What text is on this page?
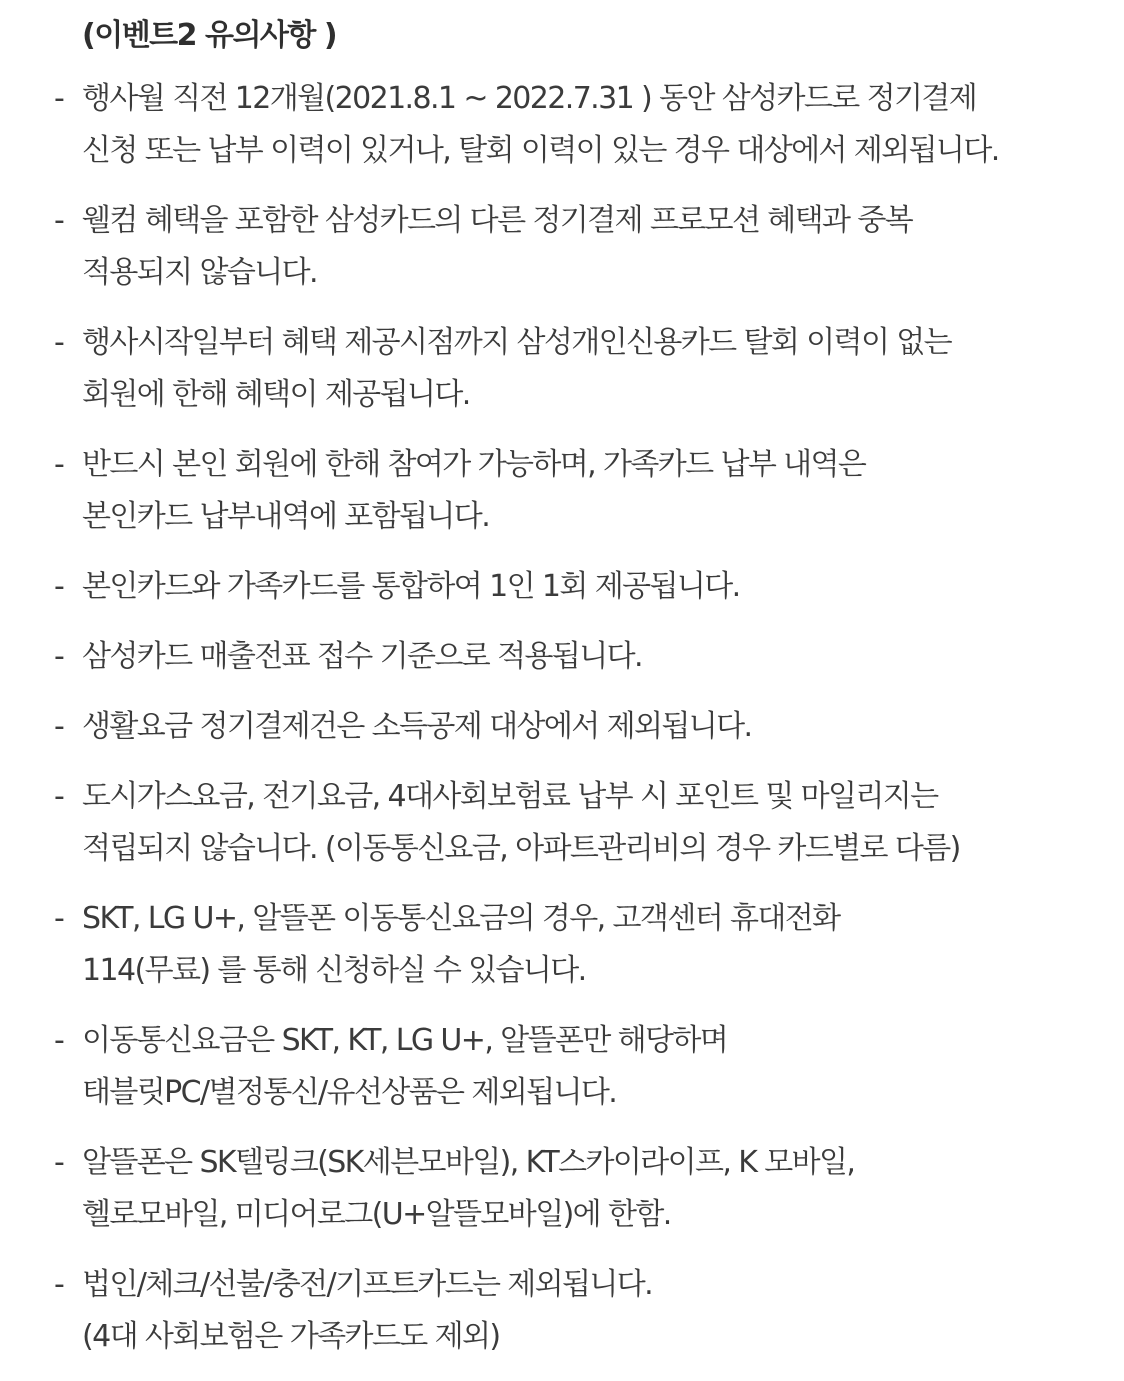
(이벤트2 유의사항 )
- 행사월 직전 12개월(2021.8.1 ~ 2022.7.31 ) 동안 삼성카드로 정기결제
신청 또는 납부 이력이 있거나, 탈회 이력이 있는 경우 대상에서 제외됩니다.
- 웰컴 혜택을 포함한 삼성카드의 다른 정기결제 프로모션 혜택과 중복
적용되지 않습니다.
- 행사시작일부터 혜택 제공시점까지 삼성개인신용카드 탈회 이력이 없는
회원에 한해 혜택이 제공됩니다.
- 반드시 본인 회원에 한해 참여가 가능하며, 가족카드 납부 내역은
본인카드 납부내역에 포함됩니다.
- 본인카드와 가족카드를 통합하여 1인 1회 제공됩니다.
- 삼성카드 매출전표 접수 기준으로 적용됩니다.
- 생활요금 정기결제건은 소득공제 대상에서 제외됩니다.
- 도시가스요금, 전기요금, 4대사회보험료 납부 시 포인트 및 마일리지는
적립되지 않습니다. (이동통신요금, 아파트관리비의 경우 카드별로 다름)
- SKT, LG U+, 알뜰폰 이동통신요금의 경우, 고객센터 휴대전화
114(무료) 를 통해 신청하실 수 있습니다.
- 이동통신요금은 SKT, KT, LG U+, 알뜰폰만 해당하며
태블릿PC/별정통신/유선상품은 제외됩니다.
- 알뜰폰은 SK텔링크(SK세븐모바일), KT스카이라이프, K 모바일,
헬로모바일, 미디어로그(U+알뜰모바일)에 한함.
- 법인/체크/선불/충전/기프트카드는 제외됩니다.
(4대 사회보험은 가족카드도 제외)
